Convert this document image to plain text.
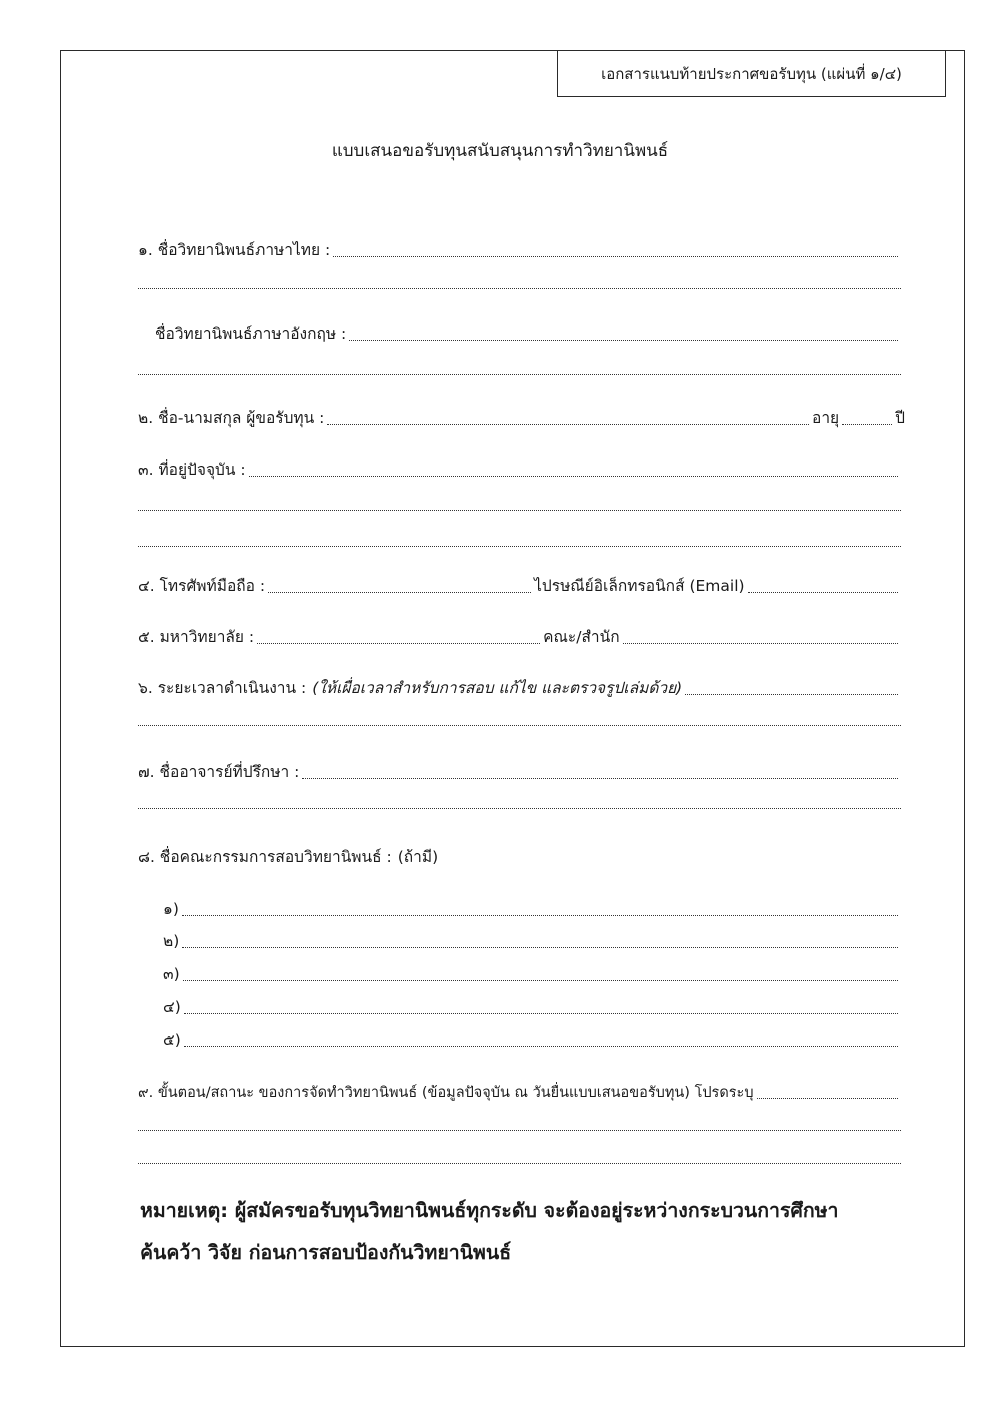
เอกสารแนบท้ายประกาศขอรับทุน (แผ่นที่ ๑/๔)
แบบเสนอขอรับทุนสนับสนุนการทำวิทยานิพนธ์
๑. ชื่อวิทยานิพนธ์ภาษาไทย :
ชื่อวิทยานิพนธ์ภาษาอังกฤษ :
๒. ชื่อ-นามสกุล ผู้ขอรับทุน :	อายุ	ปี
๓. ที่อยู่ปัจจุบัน :
๔. โทรศัพท์มือถือ :	ไปรษณีย์อิเล็กทรอนิกส์ (Email)
๕. มหาวิทยาลัย :	คณะ/สำนัก
๖. ระยะเวลาดำเนินงาน : (ให้เผื่อเวลาสำหรับการสอบ แก้ไข และตรวจรูปเล่มด้วย)
๗. ชื่ออาจารย์ที่ปรึกษา :
๘. ชื่อคณะกรรมการสอบวิทยานิพนธ์ : (ถ้ามี)
๑)
๒)
๓)
๔)
๕)
๙. ขั้นตอน/สถานะ ของการจัดทำวิทยานิพนธ์ (ข้อมูลปัจจุบัน ณ วันยื่นแบบเสนอขอรับทุน) โปรดระบุ
หมายเหตุ: ผู้สมัครขอรับทุนวิทยานิพนธ์ทุกระดับ จะต้องอยู่ระหว่างกระบวนการศึกษา
ค้นคว้า วิจัย ก่อนการสอบป้องกันวิทยานิพนธ์
